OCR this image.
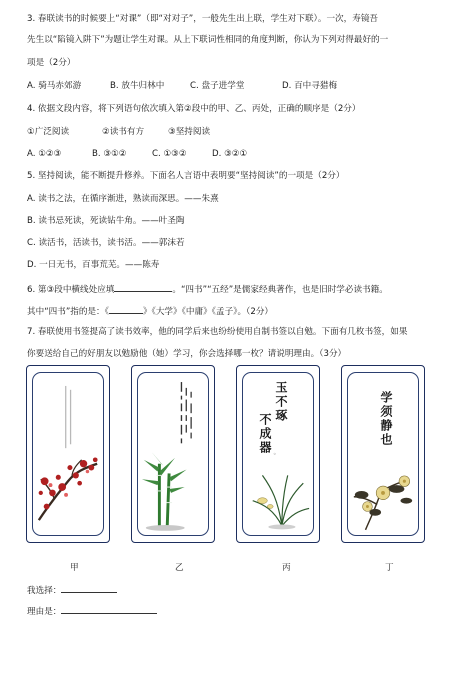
3. 春联读书的时候要上“对课”（即“对对子”，一般先生出上联，学生对下联）。一次，寿镜吾
先生以“陷镜入阱下”为题让学生对课。从上下联词性相同的角度判断，你认为下列对得最好的一
项是（2分）
A. 骑马赤郊游	B. 放牛归林中	C. 盘子进学堂	D. 百中寻猎梅
4. 依据文段内容，将下列语句依次填入第②段中的甲、乙、丙处，正确的顺序是（2分）
①广泛阅读	②读书有方	③坚持阅读
A. ①②③	B. ③①②	C. ①③②	D. ③②①
5. 坚持阅读，能不断提升修养。下面名人言语中表明要“坚持阅读”的一项是（2分）
A. 读书之法，在循序渐进，熟读而深思。——朱熹
B. 读书忌死读，死读钻牛角。——叶圣陶
C. 读活书，活读书，读书活。——郭沫若
D. 一日无书，百事荒芜。——陈寿
6. 第③段中横线处应填	。“四书”“五经”是儒家经典著作，也是旧时学必读书籍。
其中“四书”指的是：《	》《大学》《中庸》《孟子》。（2分）
7. 春联使用书签提高了读书效率，他的同学后来也纷纷使用自制书签以自勉。下面有几枚书签，如果
你要送给自己的好朋友以勉励他（她）学习，你会选择哪一枚？请说明理由。（3分）
玉不琢
不成器 ◦
学须静也
甲	乙	丙	丁
我选择：
理由是：
